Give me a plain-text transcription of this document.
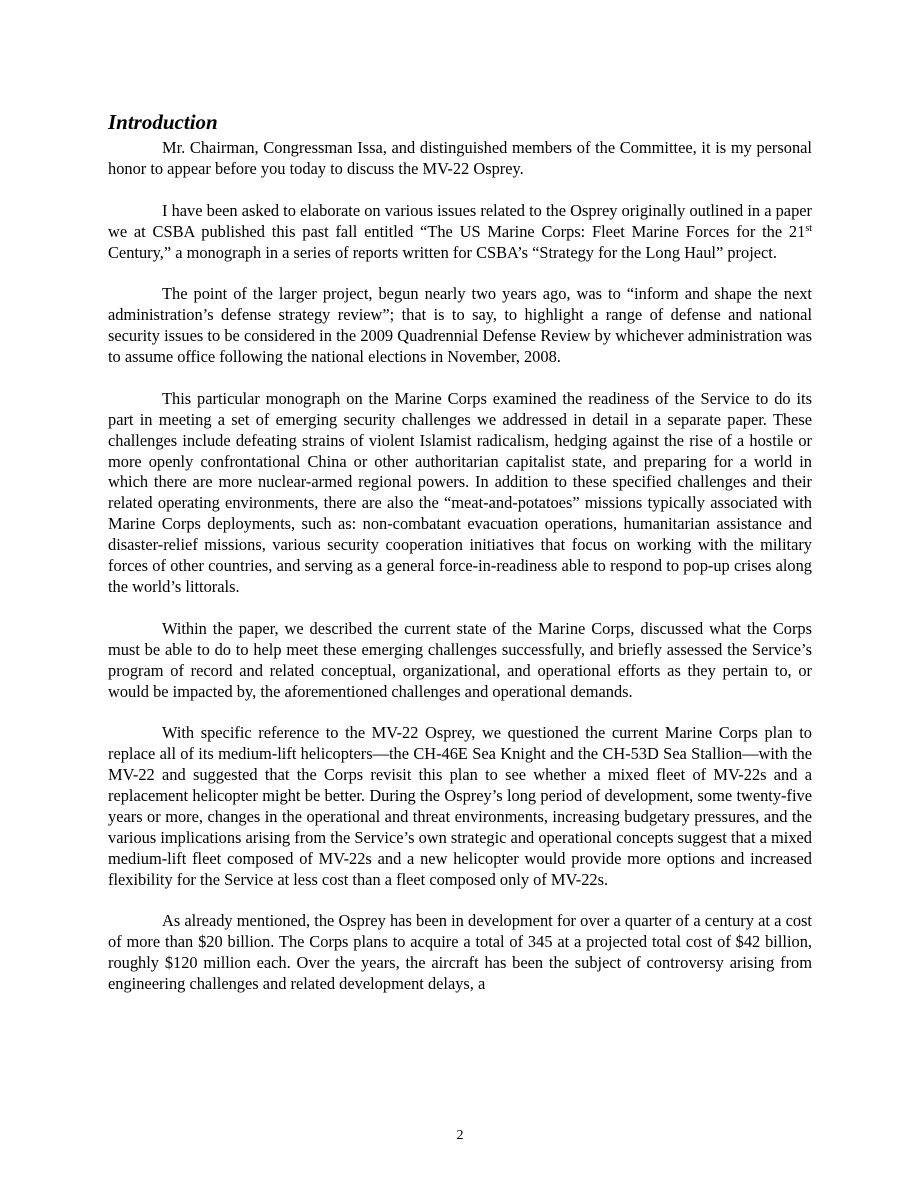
Introduction

Mr. Chairman, Congressman Issa, and distinguished members of the Committee, it is my personal honor to appear before you today to discuss the MV-22 Osprey.

I have been asked to elaborate on various issues related to the Osprey originally outlined in a paper we at CSBA published this past fall entitled “The US Marine Corps: Fleet Marine Forces for the 21st Century,” a monograph in a series of reports written for CSBA’s “Strategy for the Long Haul” project.

The point of the larger project, begun nearly two years ago, was to “inform and shape the next administration’s defense strategy review”; that is to say, to highlight a range of defense and national security issues to be considered in the 2009 Quadrennial Defense Review by whichever administration was to assume office following the national elections in November, 2008.

This particular monograph on the Marine Corps examined the readiness of the Service to do its part in meeting a set of emerging security challenges we addressed in detail in a separate paper. These challenges include defeating strains of violent Islamist radicalism, hedging against the rise of a hostile or more openly confrontational China or other authoritarian capitalist state, and preparing for a world in which there are more nuclear-armed regional powers. In addition to these specified challenges and their related operating environments, there are also the “meat-and-potatoes” missions typically associated with Marine Corps deployments, such as: non-combatant evacuation operations, humanitarian assistance and disaster-relief missions, various security cooperation initiatives that focus on working with the military forces of other countries, and serving as a general force-in-readiness able to respond to pop-up crises along the world’s littorals.

Within the paper, we described the current state of the Marine Corps, discussed what the Corps must be able to do to help meet these emerging challenges successfully, and briefly assessed the Service’s program of record and related conceptual, organizational, and operational efforts as they pertain to, or would be impacted by, the aforementioned challenges and operational demands.

With specific reference to the MV-22 Osprey, we questioned the current Marine Corps plan to replace all of its medium-lift helicopters—the CH-46E Sea Knight and the CH-53D Sea Stallion—with the MV-22 and suggested that the Corps revisit this plan to see whether a mixed fleet of MV-22s and a replacement helicopter might be better. During the Osprey’s long period of development, some twenty-five years or more, changes in the operational and threat environments, increasing budgetary pressures, and the various implications arising from the Service’s own strategic and operational concepts suggest that a mixed medium-lift fleet composed of MV-22s and a new helicopter would provide more options and increased flexibility for the Service at less cost than a fleet composed only of MV-22s.

As already mentioned, the Osprey has been in development for over a quarter of a century at a cost of more than $20 billion. The Corps plans to acquire a total of 345 at a projected total cost of $42 billion, roughly $120 million each. Over the years, the aircraft has been the subject of controversy arising from engineering challenges and related development delays, a

2
